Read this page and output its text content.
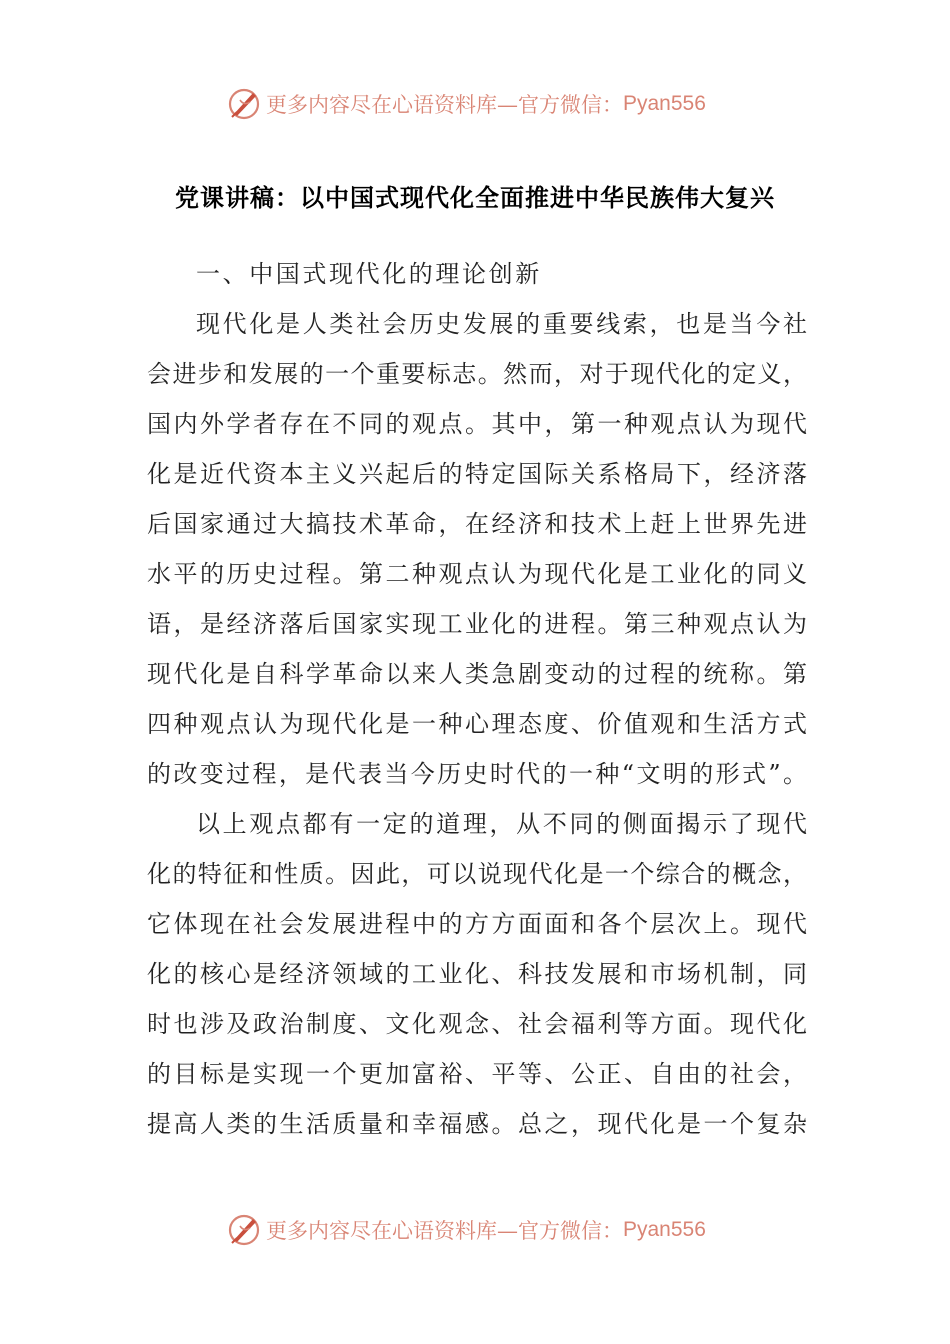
更多内容尽在心语资料库—官方微信： Pyan556
党课讲稿：以中国式现代化全面推进中华民族伟大复兴
一、中国式现代化的理论创新
现代化是人类社会历史发展的重要线索，也是当今社
会进步和发展的一个重要标志。然而，对于现代化的定义，
国内外学者存在不同的观点。其中，第一种观点认为现代
化是近代资本主义兴起后的特定国际关系格局下，经济落
后国家通过大搞技术革命，在经济和技术上赶上世界先进
水平的历史过程。第二种观点认为现代化是工业化的同义
语，是经济落后国家实现工业化的进程。第三种观点认为
现代化是自科学革命以来人类急剧变动的过程的统称。第
四种观点认为现代化是一种心理态度、价值观和生活方式
的改变过程，是代表当今历史时代的一种“文明的形式”。
以上观点都有一定的道理，从不同的侧面揭示了现代
化的特征和性质。因此，可以说现代化是一个综合的概念，
它体现在社会发展进程中的方方面面和各个层次上。现代
化的核心是经济领域的工业化、科技发展和市场机制，同
时也涉及政治制度、文化观念、社会福利等方面。现代化
的目标是实现一个更加富裕、平等、公正、自由的社会，
提高人类的生活质量和幸福感。总之，现代化是一个复杂
更多内容尽在心语资料库—官方微信： Pyan556
